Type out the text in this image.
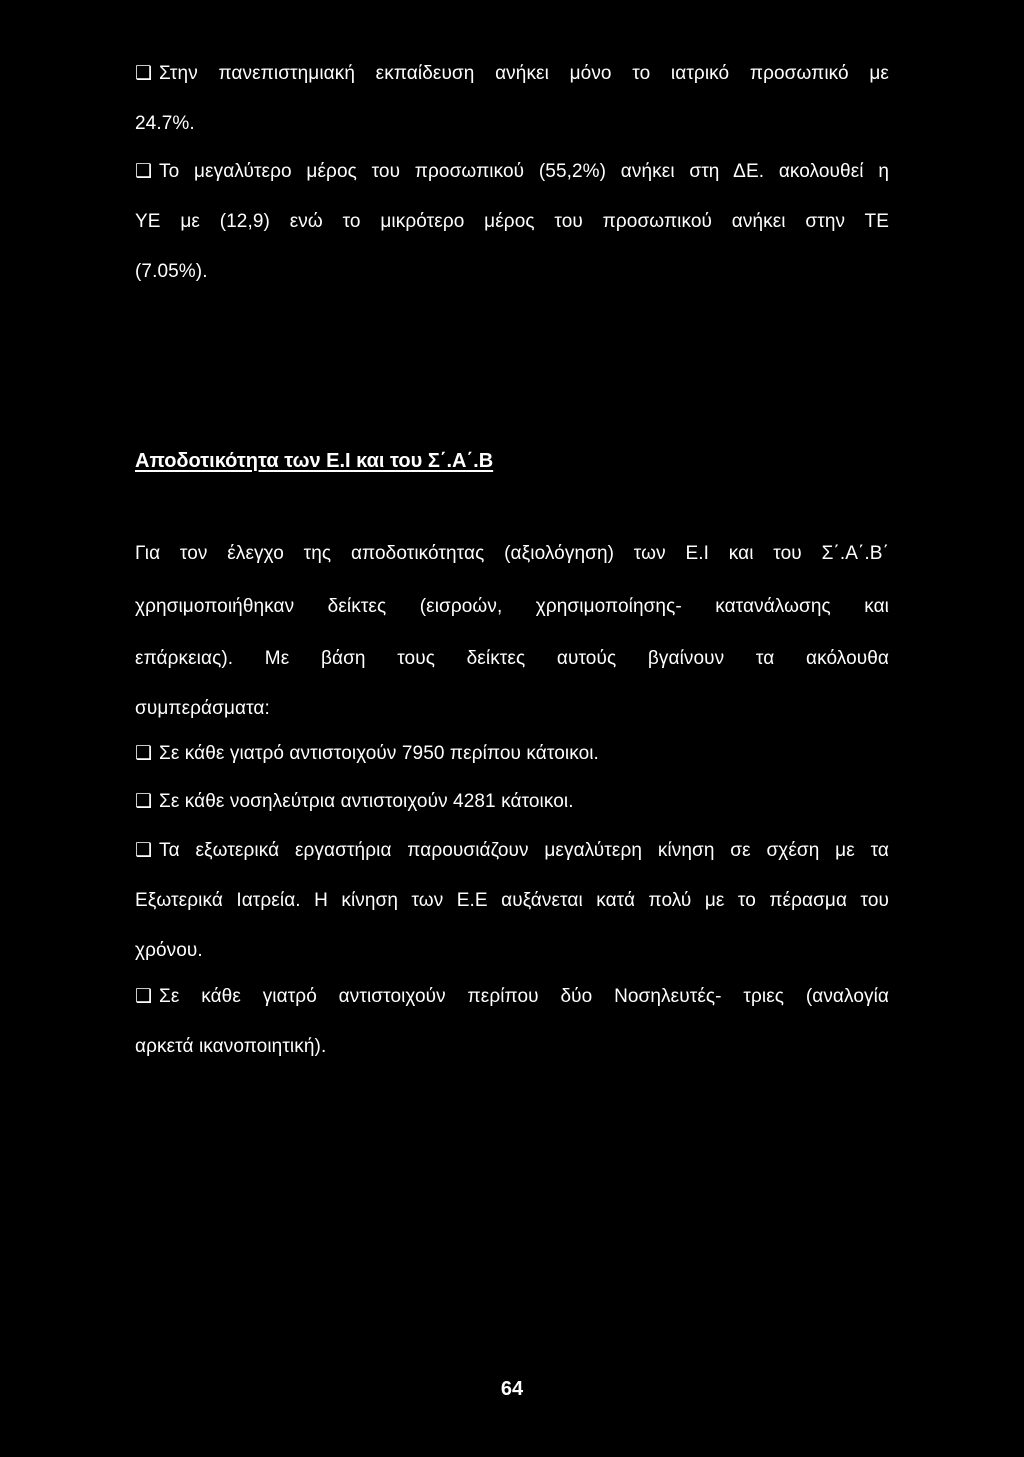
❑ Στην πανεπιστημιακή εκπαίδευση ανήκει μόνο το ιατρικό προσωπικό με
24.7%.
❑ Το μεγαλύτερο μέρος του προσωπικού (55,2%) ανήκει στη ΔΕ. ακολουθεί η
ΥΕ με (12,9) ενώ το μικρότερο μέρος του προσωπικού ανήκει στην ΤΕ
(7.05%).
Αποδοτικότητα των Ε.Ι και του Σ΄.Α΄.Β
Για τον έλεγχο της αποδοτικότητας (αξιολόγηση) των Ε.Ι και του Σ΄.Α΄.Β΄
χρησιμοποιήθηκαν δείκτες (εισροών, χρησιμοποίησης- κατανάλωσης και
επάρκειας). Με βάση τους δείκτες αυτούς βγαίνουν τα ακόλουθα
συμπεράσματα:
❑ Σε κάθε γιατρό αντιστοιχούν 7950 περίπου κάτοικοι.
❑ Σε κάθε νοσηλεύτρια αντιστοιχούν 4281 κάτοικοι.
❑ Τα εξωτερικά εργαστήρια παρουσιάζουν μεγαλύτερη κίνηση σε σχέση με τα
Εξωτερικά Ιατρεία. Η κίνηση των Ε.Ε αυξάνεται κατά πολύ με το πέρασμα του
χρόνου.
❑ Σε κάθε γιατρό αντιστοιχούν περίπου δύο Νοσηλευτές- τριες (αναλογία
αρκετά ικανοποιητική).
64
